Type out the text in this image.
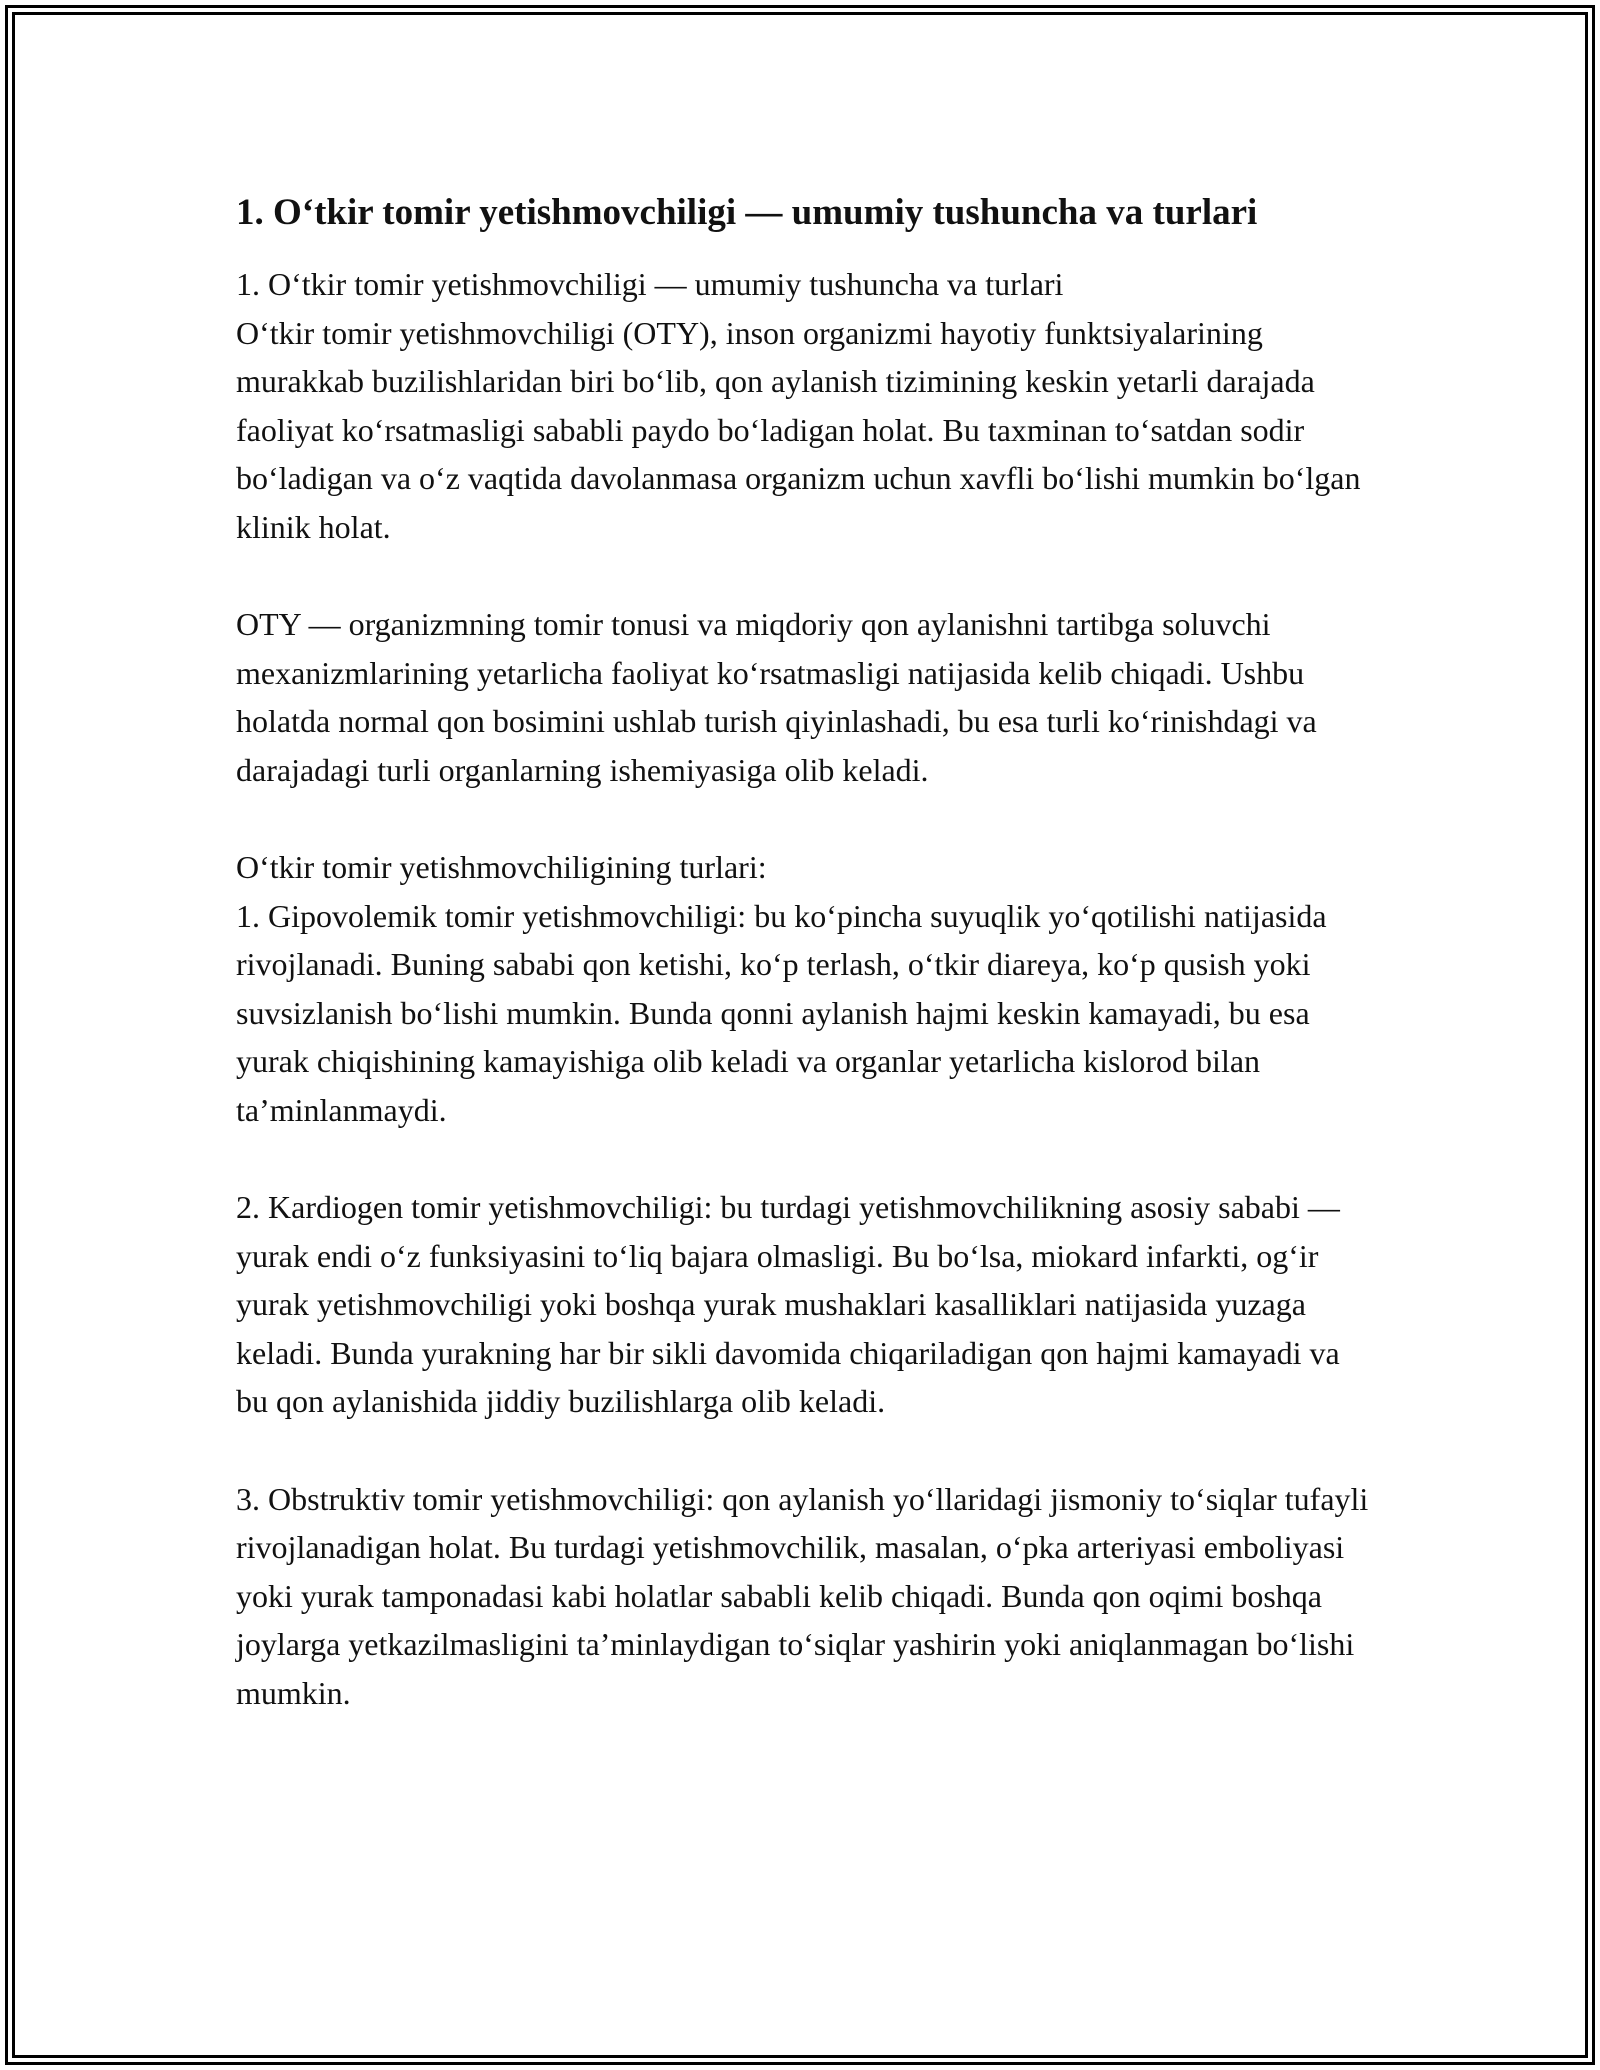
1. O‘tkir tomir yetishmovchiligi — umumiy tushuncha va turlari

1. O‘tkir tomir yetishmovchiligi — umumiy tushuncha va turlari
O‘tkir tomir yetishmovchiligi (OTY), inson organizmi hayotiy funktsiyalarining murakkab buzilishlaridan biri bo‘lib, qon aylanish tizimining keskin yetarli darajada faoliyat ko‘rsatmasligi sababli paydo bo‘ladigan holat. Bu taxminan to‘satdan sodir bo‘ladigan va o‘z vaqtida davolanmasa organizm uchun xavfli bo‘lishi mumkin bo‘lgan klinik holat.

OTY — organizmning tomir tonusi va miqdoriy qon aylanishni tartibga soluvchi mexanizmlarining yetarlicha faoliyat ko‘rsatmasligi natijasida kelib chiqadi. Ushbu holatda normal qon bosimini ushlab turish qiyinlashadi, bu esa turli ko‘rinishdagi va darajadagi turli organlarning ishemiyasiga olib keladi.

O‘tkir tomir yetishmovchiligining turlari:
1. Gipovolemik tomir yetishmovchiligi: bu ko‘pincha suyuqlik yo‘qotilishi natijasida rivojlanadi. Buning sababi qon ketishi, ko‘p terlash, o‘tkir diareya, ko‘p qusish yoki suvsizlanish bo‘lishi mumkin. Bunda qonni aylanish hajmi keskin kamayadi, bu esa yurak chiqishining kamayishiga olib keladi va organlar yetarlicha kislorod bilan ta’minlanmaydi.

2. Kardiogen tomir yetishmovchiligi: bu turdagi yetishmovchilikning asosiy sababi — yurak endi o‘z funksiyasini to‘liq bajara olmasligi. Bu bo‘lsa, miokard infarkti, og‘ir yurak yetishmovchiligi yoki boshqa yurak mushaklari kasalliklari natijasida yuzaga keladi. Bunda yurakning har bir sikli davomida chiqariladigan qon hajmi kamayadi va bu qon aylanishida jiddiy buzilishlarga olib keladi.

3. Obstruktiv tomir yetishmovchiligi: qon aylanish yo‘llaridagi jismoniy to‘siqlar tufayli rivojlanadigan holat. Bu turdagi yetishmovchilik, masalan, o‘pka arteriyasi emboliyasi yoki yurak tamponadasi kabi holatlar sababli kelib chiqadi. Bunda qon oqimi boshqa joylarga yetkazilmasligini ta’minlaydigan to‘siqlar yashirin yoki aniqlanmagan bo‘lishi mumkin.
